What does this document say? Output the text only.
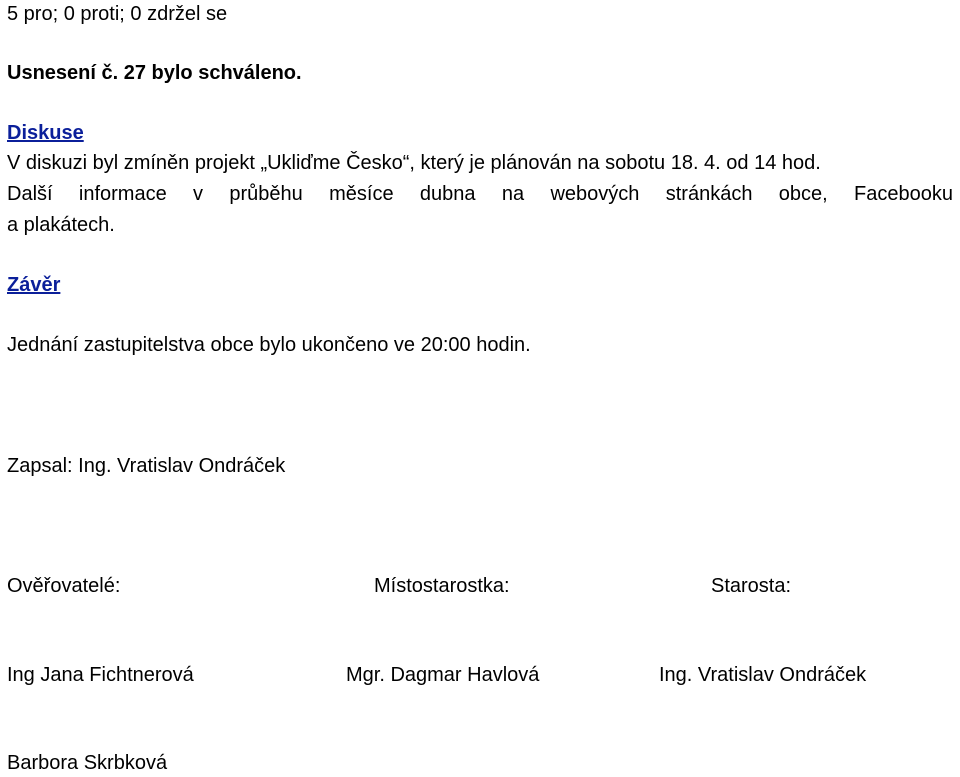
5 pro; 0 proti; 0 zdržel se
Usnesení č. 27 bylo schváleno.
Diskuse
V diskuzi byl zmíněn projekt „Ukliďme Česko“, který je plánován na sobotu 18. 4. od 14 hod.
Další informace v průběhu měsíce dubna na webových stránkách obce, Facebooku
a plakátech.
Závěr
Jednání zastupitelstva obce bylo ukončeno ve 20:00 hodin.
Zapsal: Ing. Vratislav Ondráček
Ověřovatelé:	Místostarostka:	Starosta:
Ing Jana Fichtnerová	Mgr. Dagmar Havlová	Ing. Vratislav Ondráček
Barbora Skrbková
